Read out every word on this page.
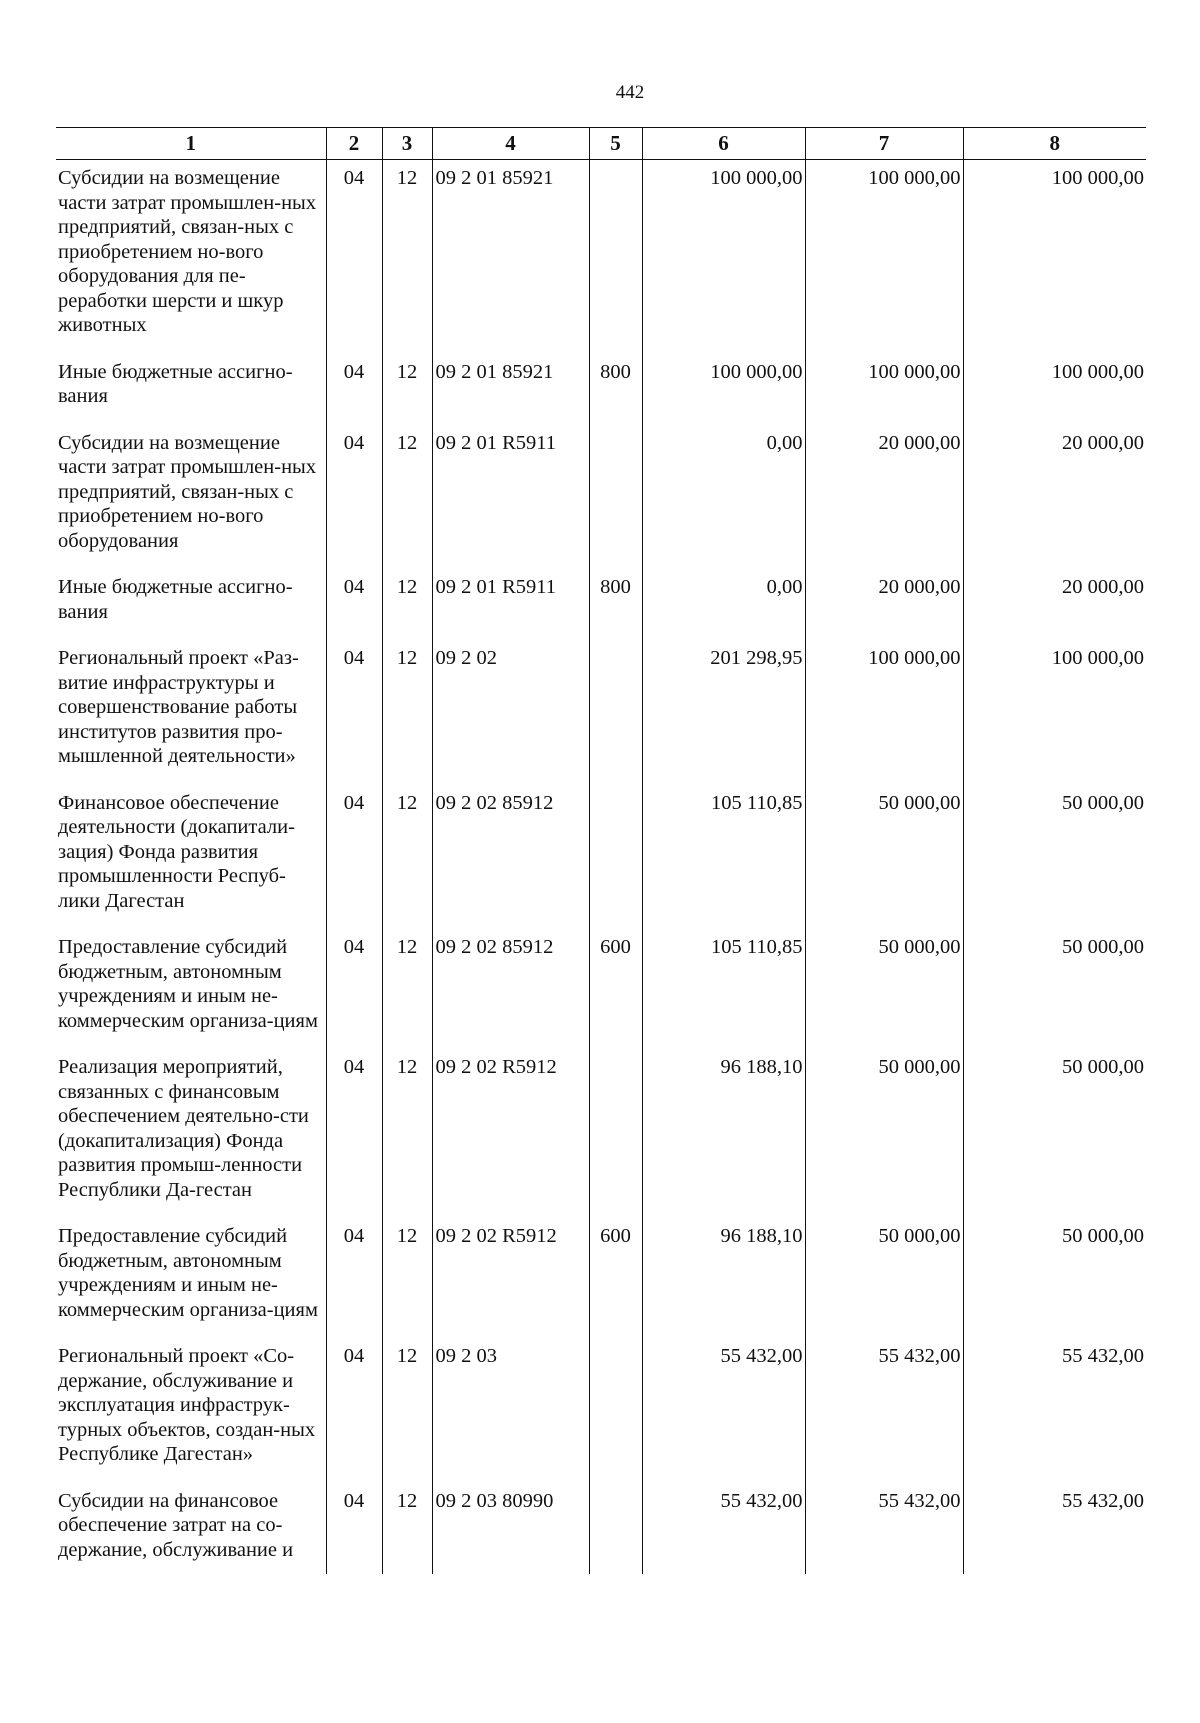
442
1	2	3	4	5	6	7	8
Субсидии на возмещение части затрат промышлен-ных предприятий, связан-ных с приобретением но-вого оборудования для пе-реработки шерсти и шкур животных	04	12	09 2 01 85921		100 000,00	100 000,00	100 000,00
Иные бюджетные ассигно-вания	04	12	09 2 01 85921	800	100 000,00	100 000,00	100 000,00
Субсидии на возмещение части затрат промышлен-ных предприятий, связан-ных с приобретением но-вого оборудования	04	12	09 2 01 R5911		0,00	20 000,00	20 000,00
Иные бюджетные ассигно-вания	04	12	09 2 01 R5911	800	0,00	20 000,00	20 000,00
Региональный проект «Раз-витие инфраструктуры и совершенствование работы институтов развития про-мышленной деятельности»	04	12	09 2 02		201 298,95	100 000,00	100 000,00
Финансовое обеспечение деятельности (докапитали-зация) Фонда развития промышленности Респуб-лики Дагестан	04	12	09 2 02 85912		105 110,85	50 000,00	50 000,00
Предоставление субсидий бюджетным, автономным учреждениям и иным не-коммерческим организа-циям	04	12	09 2 02 85912	600	105 110,85	50 000,00	50 000,00
Реализация мероприятий, связанных с финансовым обеспечением деятельно-сти (докапитализация) Фонда развития промыш-ленности Республики Да-гестан	04	12	09 2 02 R5912		96 188,10	50 000,00	50 000,00
Предоставление субсидий бюджетным, автономным учреждениям и иным не-коммерческим организа-циям	04	12	09 2 02 R5912	600	96 188,10	50 000,00	50 000,00
Региональный проект «Со-держание, обслуживание и эксплуатация инфраструк-турных объектов, создан-ных Республике Дагестан»	04	12	09 2 03		55 432,00	55 432,00	55 432,00
Субсидии на финансовое обеспечение затрат на со-держание, обслуживание и	04	12	09 2 03 80990		55 432,00	55 432,00	55 432,00
